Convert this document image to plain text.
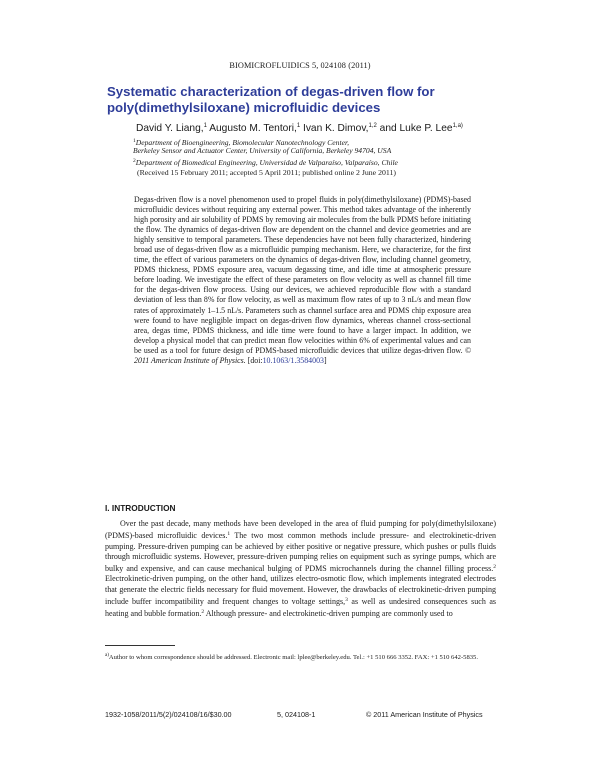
BIOMICROFLUIDICS 5, 024108 (2011)
Systematic characterization of degas-driven flow for poly(dimethylsiloxane) microfluidic devices
David Y. Liang,$^1$ Augusto M. Tentori,$^1$ Ivan K. Dimov,$^{1,2}$ and Luke P. Lee$^{1,a)}$
$^1$Department of Bioengineering, Biomolecular Nanotechnology Center,
Berkeley Sensor and Actuator Center, University of California, Berkeley 94704, USA
$^2$Department of Biomedical Engineering, Universidad de Valparaíso, Valparaíso, Chile
(Received 15 February 2011; accepted 5 April 2011; published online 2 June 2011)
Degas-driven flow is a novel phenomenon used to propel fluids in poly(dimethylsiloxane) (PDMS)-based microfluidic devices without requiring any external power. This method takes advantage of the inherently high porosity and air solubility of PDMS by removing air molecules from the bulk PDMS before initiating the flow. The dynamics of degas-driven flow are dependent on the channel and device geometries and are highly sensitive to temporal parameters. These dependencies have not been fully characterized, hindering broad use of degas-driven flow as a microfluidic pumping mechanism. Here, we characterize, for the first time, the effect of various parameters on the dynamics of degas-driven flow, including channel geometry, PDMS thickness, PDMS exposure area, vacuum degassing time, and idle time at atmospheric pressure before loading. We investigate the effect of these parameters on flow velocity as well as channel fill time for the degas-driven flow process. Using our devices, we achieved reproducible flow with a standard deviation of less than 8% for flow velocity, as well as maximum flow rates of up to 3 nL/s and mean flow rates of approximately 1–1.5 nL/s. Parameters such as channel surface area and PDMS chip exposure area were found to have negligible impact on degas-driven flow dynamics, whereas channel cross-sectional area, degas time, PDMS thickness, and idle time were found to have a larger impact. In addition, we develop a physical model that can predict mean flow velocities within 6% of experimental values and can be used as a tool for future design of PDMS-based microfluidic devices that utilize degas-driven flow. © 2011 American Institute of Physics. [doi:10.1063/1.3584003]
I. INTRODUCTION

Over the past decade, many methods have been developed in the area of fluid pumping for poly(dimethylsiloxane) (PDMS)-based microfluidic devices.$^1$ The two most common methods include pressure- and electrokinetic-driven pumping. Pressure-driven pumping can be achieved by either positive or negative pressure, which pushes or pulls fluids through microfluidic systems. However, pressure-driven pumping relies on equipment such as syringe pumps, which are bulky and expensive, and can cause mechanical bulging of PDMS microchannels during the channel filling process.$^2$ Electrokinetic-driven pumping, on the other hand, utilizes electro-osmotic flow, which implements integrated electrodes that generate the electric fields necessary for fluid movement. However, the drawbacks of electrokinetic-driven pumping include buffer incompatibility and frequent changes to voltage settings,$^3$ as well as undesired consequences such as heating and bubble formation.$^2$ Although pressure- and electrokinetic-driven pumping are commonly used to

$^{a)}$Author to whom correspondence should be addressed. Electronic mail: lplee@berkeley.edu. Tel.: +1 510 666 3352. FAX: +1 510 642-5835.
1932-1058/2011/5(2)/024108/16/$30.00	5, 024108-1	© 2011 American Institute of Physics
